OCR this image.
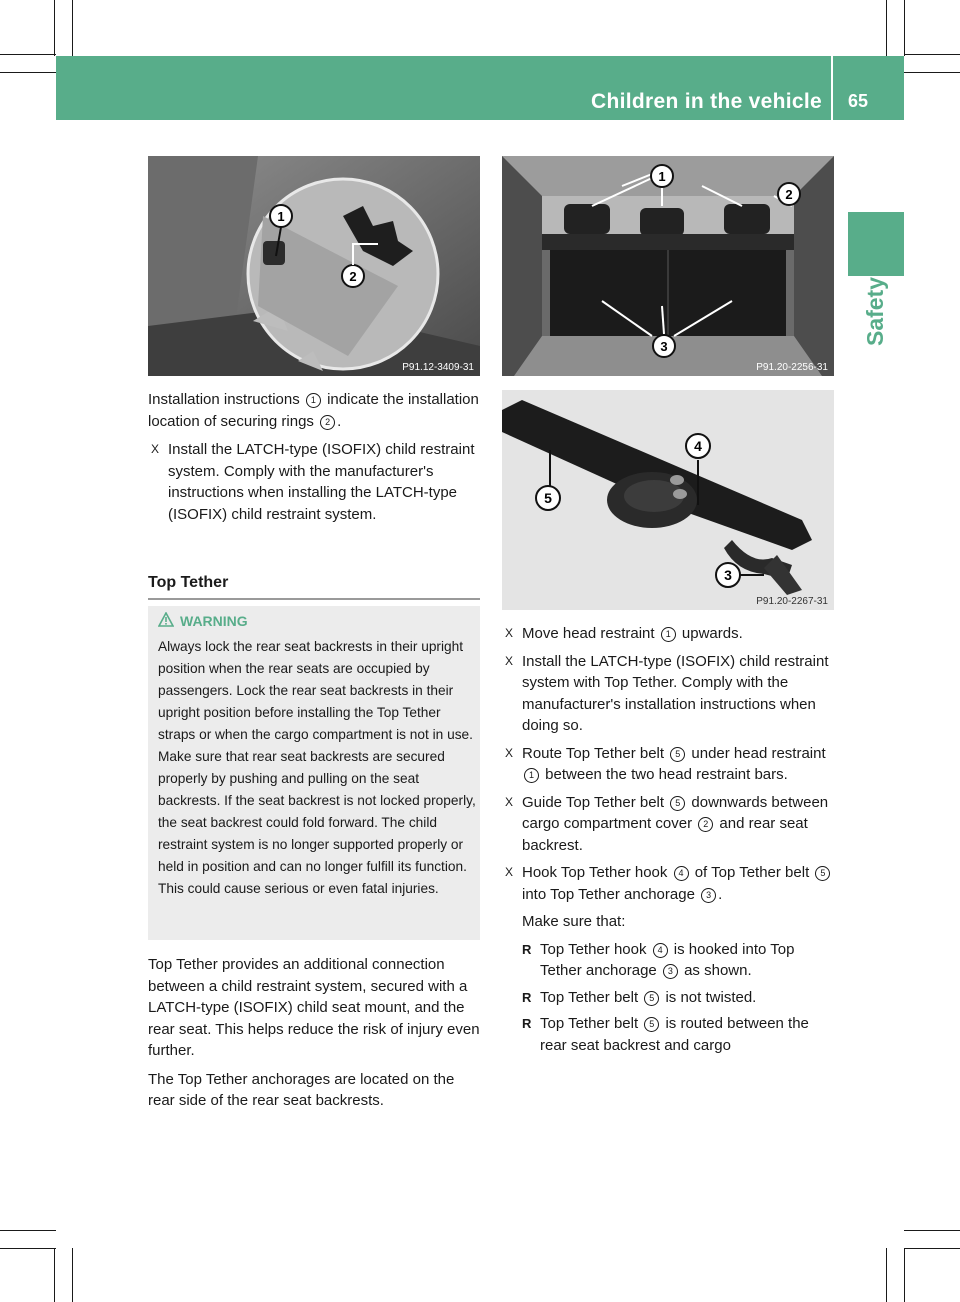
Children in the vehicle 65
Safety
1
2
P91.12-3409-31
1
2
3
P91.20-2256-31
4
5
3
P91.20-2267-31

Installation instructions 1 indicate the installation location of securing rings 2 .

X Install the LATCH-type (ISOFIX) child restraint system. Comply with the manufacturer's instructions when installing the LATCH-type (ISOFIX) child restraint system.
Top Tether
WARNING
Always lock the rear seat backrests in their upright position when the rear seats are occupied by passengers. Lock the rear seat backrests in their upright position before installing the Top Tether straps or when the cargo compartment is not in use. Make sure that rear seat backrests are secured properly by pushing and pulling on the seat backrests. If the seat backrest is not locked properly, the seat backrest could fold forward. The child restraint system is no longer supported properly or held in position and can no longer fulfill its function. This could cause serious or even fatal injuries.

Top Tether provides an additional connection between a child restraint system, secured with a LATCH-type (ISOFIX) child seat mount, and the rear seat. This helps reduce the risk of injury even further.

The Top Tether anchorages are located on the rear side of the rear seat backrests.

X Move head restraint 1 upwards.
X Install the LATCH-type (ISOFIX) child restraint system with Top Tether. Comply with the manufacturer's installation instructions when doing so.
X Route Top Tether belt 5 under head restraint 1 between the two head restraint bars.
X Guide Top Tether belt 5 downwards between cargo compartment cover 2 and rear seat backrest.
X Hook Top Tether hook 4 of Top Tether belt 5 into Top Tether anchorage 3 .
Make sure that:
R Top Tether hook 4 is hooked into Top Tether anchorage 3 as shown.
R Top Tether belt 5 is not twisted.
R Top Tether belt 5 is routed between the rear seat backrest and cargo
